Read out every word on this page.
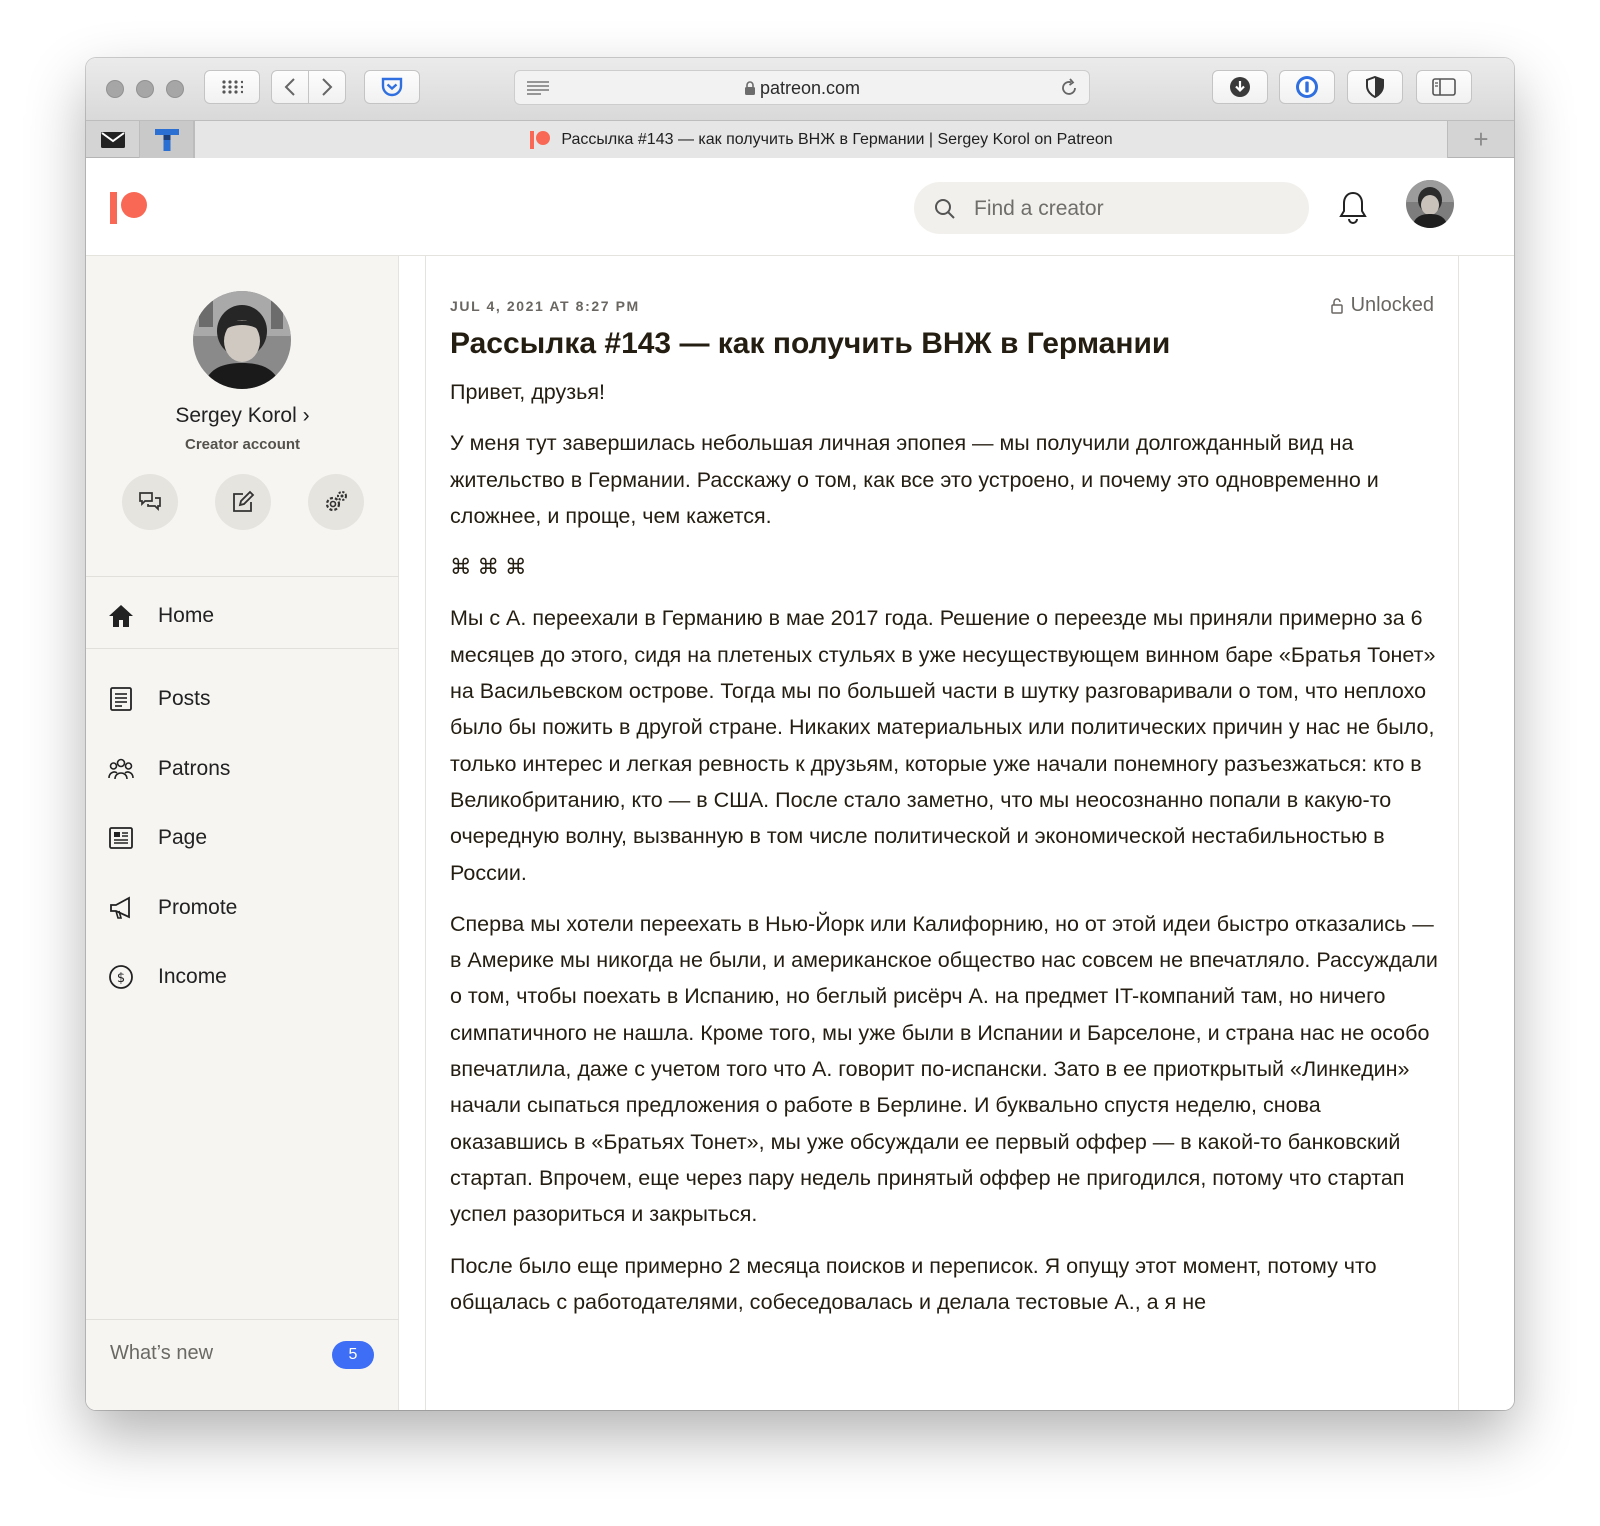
patreon.com
Рассылка #143 — как получить ВНЖ в Германии | Sergey Korol on Patreon	+
Find a creator
Sergey Korol ›
Creator account
Home
Posts
Patrons
Page
Promote
$ Income
What’s new	5
JUL 4, 2021 AT 8:27 PM	Unlocked
Рассылка #143 — как получить ВНЖ в Германии

Привет, друзья!

У меня тут завершилась небольшая личная эпопея — мы получили долгожданный вид на жительство в Германии. Расскажу о том, как все это устроено, и почему это одновременно и сложнее, и проще, чем кажется.

⌘ ⌘ ⌘

Мы с А. переехали в Германию в мае 2017 года. Решение о переезде мы приняли примерно за 6 месяцев до этого, сидя на плетеных стульях в уже несуществующем винном баре «Братья Тонет» на Васильевском острове. Тогда мы по большей части в шутку разговаривали о том, что неплохо было бы пожить в другой стране. Никаких материальных или политических причин у нас не было, только интерес и легкая ревность к друзьям, которые уже начали понемногу разъезжаться: кто в Великобританию, кто — в США. После стало заметно, что мы неосознанно попали в какую-то очередную волну, вызванную в том числе политической и экономической нестабильностью в России.

Сперва мы хотели переехать в Нью-Йорк или Калифорнию, но от этой идеи быстро отказались — в Америке мы никогда не были, и американское общество нас совсем не впечатляло. Рассуждали о том, чтобы поехать в Испанию, но беглый рисёрч А. на предмет IT-компаний там, но ничего симпатичного не нашла. Кроме того, мы уже были в Испании и Барселоне, и страна нас не особо впечатлила, даже с учетом того что А. говорит по-испански. Зато в ее приоткрытый «Линкедин» начали сыпаться предложения о работе в Берлине. И буквально спустя неделю, снова оказавшись в «Братьях Тонет», мы уже обсуждали ее первый оффер — в какой-то банковский стартап. Впрочем, еще через пару недель принятый оффер не пригодился, потому что стартап успел разориться и закрыться.

После было еще примерно 2 месяца поисков и переписок. Я опущу этот момент, потому что общалась с работодателями, собеседовалась и делала тестовые А., а я не
